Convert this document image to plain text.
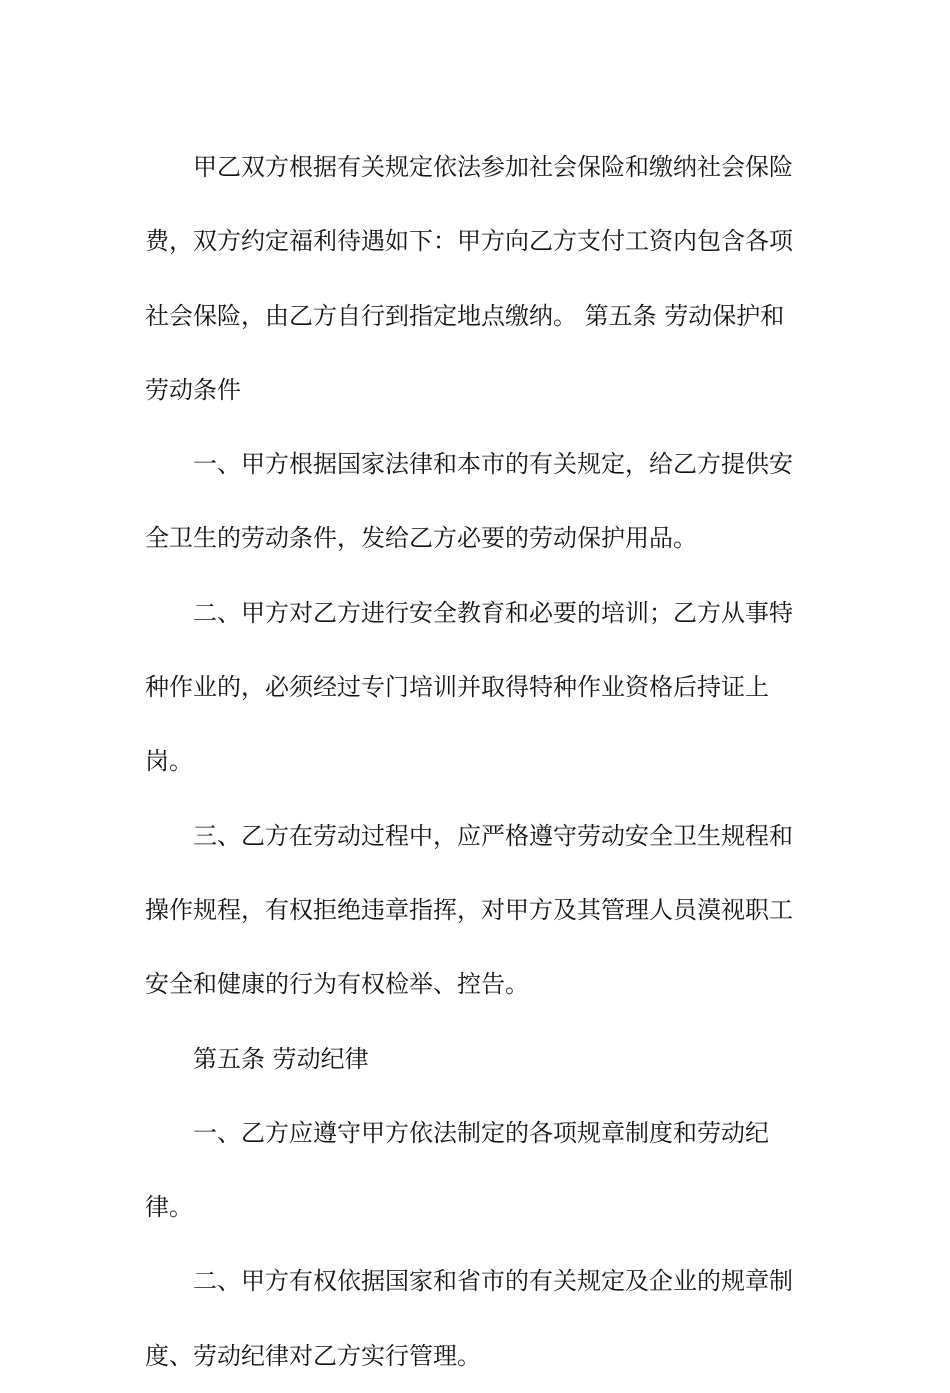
甲乙双方根据有关规定依法参加社会保险和缴纳社会保险费，双方约定福利待遇如下：甲方向乙方支付工资内包含各项社会保险，由乙方自行到指定地点缴纳。 第五条 劳动保护和劳动条件

一、甲方根据国家法律和本市的有关规定，给乙方提供安全卫生的劳动条件，发给乙方必要的劳动保护用品。

二、甲方对乙方进行安全教育和必要的培训；乙方从事特种作业的，必须经过专门培训并取得特种作业资格后持证上岗。

三、乙方在劳动过程中，应严格遵守劳动安全卫生规程和操作规程，有权拒绝违章指挥，对甲方及其管理人员漠视职工安全和健康的行为有权检举、控告。

第五条 劳动纪律

一、乙方应遵守甲方依法制定的各项规章制度和劳动纪律。

二、甲方有权依据国家和省市的有关规定及企业的规章制度、劳动纪律对乙方实行管理。
